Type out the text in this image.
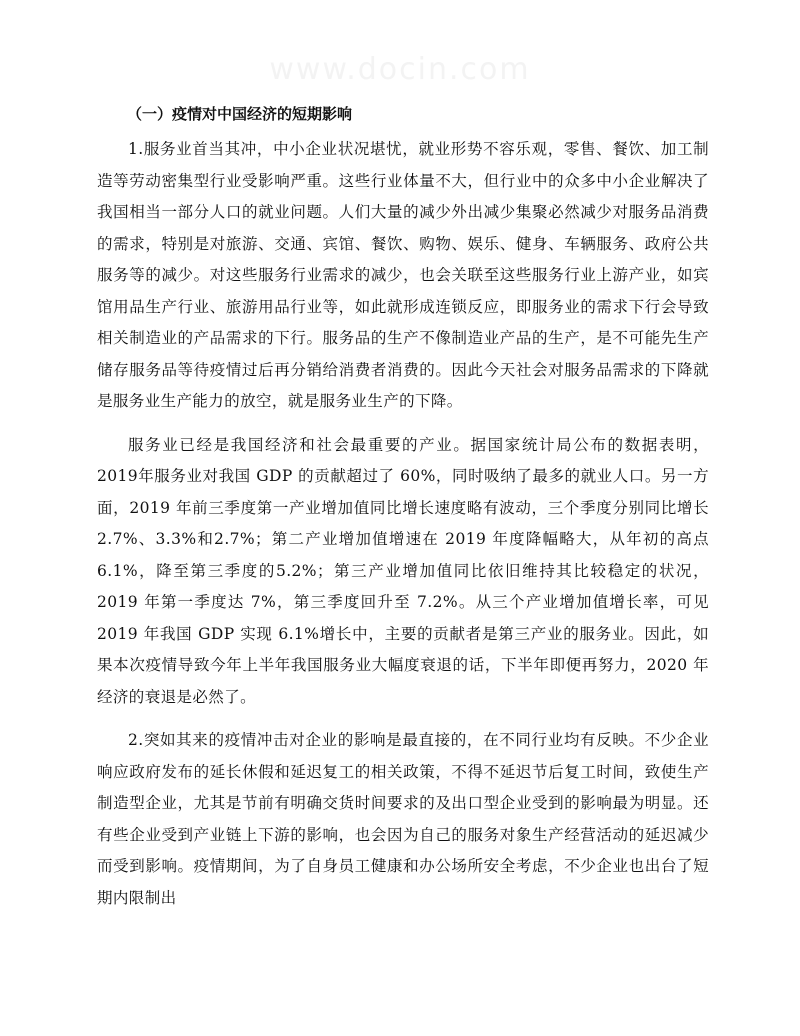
www.docin.com
（一）疫情对中国经济的短期影响

1.服务业首当其冲，中小企业状况堪忧，就业形势不容乐观，零售、餐饮、加工制造等劳动密集型行业受影响严重。这些行业体量不大，但行业中的众多中小企业解决了我国相当一部分人口的就业问题。人们大量的减少外出减少集聚必然减少对服务品消费的需求，特别是对旅游、交通、宾馆、餐饮、购物、娱乐、健身、车辆服务、政府公共服务等的减少。对这些服务行业需求的减少，也会关联至这些服务行业上游产业，如宾馆用品生产行业、旅游用品行业等，如此就形成连锁反应，即服务业的需求下行会导致相关制造业的产品需求的下行。服务品的生产不像制造业产品的生产，是不可能先生产储存服务品等待疫情过后再分销给消费者消费的。因此今天社会对服务品需求的下降就是服务业生产能力的放空，就是服务业生产的下降。

服务业已经是我国经济和社会最重要的产业。据国家统计局公布的数据表明，2019年服务业对我国 GDP 的贡献超过了 60%，同时吸纳了最多的就业人口。另一方面，2019 年前三季度第一产业增加值同比增长速度略有波动，三个季度分别同比增长 2.7%、3.3%和2.7%；第二产业增加值增速在 2019 年度降幅略大，从年初的高点 6.1%，降至第三季度的5.2%；第三产业增加值同比依旧维持其比较稳定的状况，2019 年第一季度达 7%，第三季度回升至 7.2%。从三个产业增加值增长率，可见 2019 年我国 GDP 实现 6.1%增长中，主要的贡献者是第三产业的服务业。因此，如果本次疫情导致今年上半年我国服务业大幅度衰退的话，下半年即便再努力，2020 年经济的衰退是必然了。

2.突如其来的疫情冲击对企业的影响是最直接的，在不同行业均有反映。不少企业响应政府发布的延长休假和延迟复工的相关政策，不得不延迟节后复工时间，致使生产制造型企业，尤其是节前有明确交货时间要求的及出口型企业受到的影响最为明显。还有些企业受到产业链上下游的影响，也会因为自己的服务对象生产经营活动的延迟减少而受到影响。疫情期间，为了自身员工健康和办公场所安全考虑，不少企业也出台了短期内限制出
